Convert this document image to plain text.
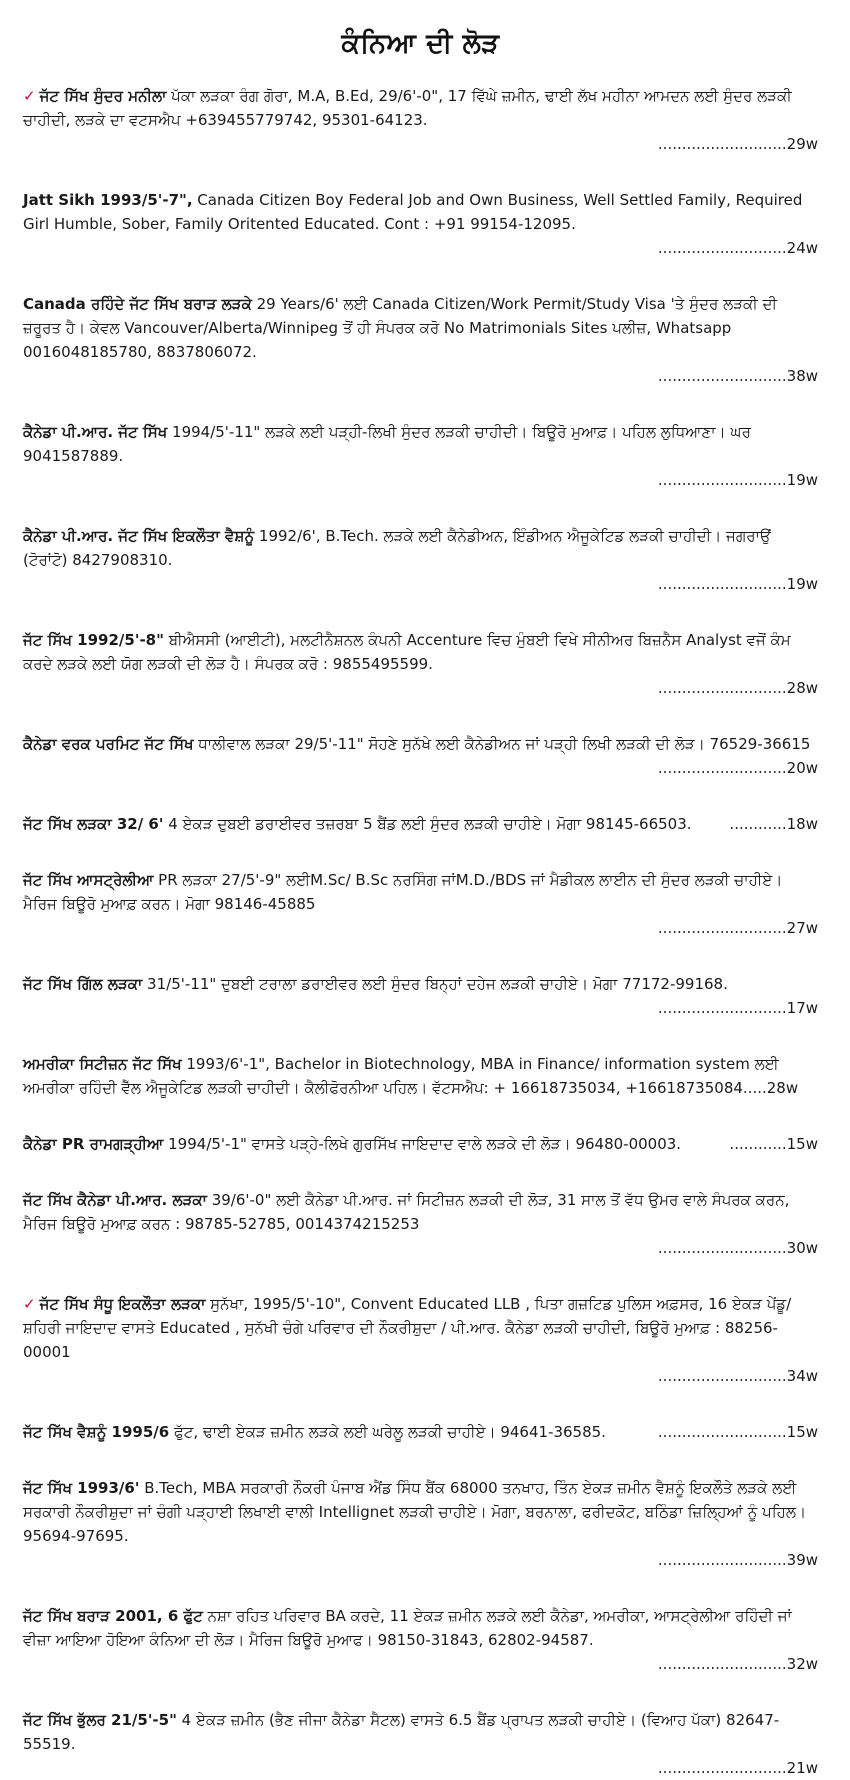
ਕੰਨਿਆ ਦੀ ਲੋੜ
✓ ਜੱਟ ਸਿੱਖ ਸੁੰਦਰ ਮਨੀਲਾ ਪੱਕਾ ਲੜਕਾ ਰੰਗ ਗੋਰਾ, M.A, B.Ed, 29/6'-0", 17 ਵਿੱਘੇ ਜ਼ਮੀਨ, ਢਾਈ ਲੱਖ ਮਹੀਨਾ ਆਮਦਨ ਲਈ ਸੁੰਦਰ ਲੜਕੀ ਚਾਹੀਦੀ, ਲੜਕੇ ਦਾ ਵਟਸਐਪ +639455779742, 95301-64123.
...........................29w
Jatt Sikh 1993/5'-7", Canada Citizen Boy Federal Job and Own Business, Well Settled Family, Required Girl Humble, Sober, Family Oritented Educated. Cont : +91 99154-12095.
...........................24w
Canada ਰਹਿੰਦੇ ਜੱਟ ਸਿੱਖ ਬਰਾੜ ਲੜਕੇ 29 Years/6' ਲਈ Canada Citizen/Work Permit/Study Visa 'ਤੇ ਸੁੰਦਰ ਲੜਕੀ ਦੀ ਜ਼ਰੂਰਤ ਹੈ। ਕੇਵਲ Vancouver/Alberta/Winnipeg ਤੋਂ ਹੀ ਸੰਪਰਕ ਕਰੋ No Matrimonials Sites ਪਲੀਜ਼, Whatsapp 0016048185780, 8837806072.
...........................38w
ਕੈਨੇਡਾ ਪੀ.ਆਰ. ਜੱਟ ਸਿੱਖ 1994/5'-11" ਲੜਕੇ ਲਈ ਪੜ੍ਹੀ-ਲਿਖੀ ਸੁੰਦਰ ਲੜਕੀ ਚਾਹੀਦੀ। ਬਿਊਰੋ ਮੁਆਫ਼। ਪਹਿਲ ਲੁਧਿਆਣਾ। ਘਰ 9041587889.
...........................19w
ਕੈਨੇਡਾ ਪੀ.ਆਰ. ਜੱਟ ਸਿੱਖ ਇਕਲੌਤਾ ਵੈਸ਼ਨੂੰ 1992/6', B.Tech. ਲੜਕੇ ਲਈ ਕੈਨੇਡੀਅਨ, ਇੰਡੀਅਨ ਐਜੂਕੇਟਿਡ ਲੜਕੀ ਚਾਹੀਦੀ। ਜਗਰਾਉਂ (ਟੋਰਾਂਟੋ) 8427908310.
...........................19w
ਜੱਟ ਸਿੱਖ 1992/5'-8" ਬੀਐਸਸੀ (ਆਈਟੀ), ਮਲਟੀਨੈਸ਼ਨਲ ਕੰਪਨੀ Accenture ਵਿਚ ਮੁੰਬਈ ਵਿਖੇ ਸੀਨੀਅਰ ਬਿਜ਼ਨੈਸ Analyst ਵਜੋਂ ਕੰਮ ਕਰਦੇ ਲੜਕੇ ਲਈ ਯੋਗ ਲੜਕੀ ਦੀ ਲੋੜ ਹੈ। ਸੰਪਰਕ ਕਰੋ : 9855495599.
...........................28w
ਕੈਨੇਡਾ ਵਰਕ ਪਰਮਿਟ ਜੱਟ ਸਿੱਖ ਧਾਲੀਵਾਲ ਲੜਕਾ 29/5'-11" ਸੋਹਣੇ ਸੁਨੱਖੇ ਲਈ ਕੈਨੇਡੀਅਨ ਜਾਂ ਪੜ੍ਹੀ ਲਿਖੀ ਲੜਕੀ ਦੀ ਲੋੜ। 76529-36615
...........................20w
ਜੱਟ ਸਿੱਖ ਲੜਕਾ 32/ 6' 4 ਏਕੜ ਦੁਬਈ ਡਰਾਈਵਰ ਤਜ਼ਰਬਾ 5 ਬੈਂਡ ਲਈ ਸੁੰਦਰ ਲੜਕੀ ਚਾਹੀਏ। ਮੋਗਾ 98145-66503.	............18w
ਜੱਟ ਸਿੱਖ ਆਸਟ੍ਰੇਲੀਆ PR ਲੜਕਾ 27/5'-9" ਲਈM.Sc/ B.Sc ਨਰਸਿੰਗ ਜਾਂM.D./BDS ਜਾਂ ਮੈਡੀਕਲ ਲਾਈਨ ਦੀ ਸੁੰਦਰ ਲੜਕੀ ਚਾਹੀਏ। ਮੈਰਿਜ ਬਿਊਰੋ ਮੁਆਫ਼ ਕਰਨ। ਮੋਗਾ 98146-45885
...........................27w
ਜੱਟ ਸਿੱਖ ਗਿੱਲ ਲੜਕਾ 31/5'-11" ਦੁਬਈ ਟਰਾਲਾ ਡਰਾਈਵਰ ਲਈ ਸੁੰਦਰ ਬਿਨ੍ਹਾਂ ਦਹੇਜ ਲੜਕੀ ਚਾਹੀਏ। ਮੋਗਾ 77172-99168.
...........................17w
ਅਮਰੀਕਾ ਸਿਟੀਜ਼ਨ ਜੱਟ ਸਿੱਖ 1993/6'-1", Bachelor in Biotechnology, MBA in Finance/ information system ਲਈ ਅਮਰੀਕਾ ਰਹਿੰਦੀ ਵੈੱਲ ਐਜੂਕੇਟਿਡ ਲੜਕੀ ਚਾਹੀਦੀ। ਕੈਲੀਫੋਰਨੀਆ ਪਹਿਲ। ਵੱਟਸਐਪ: + 16618735034, +16618735084.....28w
ਕੈਨੇਡਾ PR ਰਾਮਗੜ੍ਹੀਆ 1994/5'-1" ਵਾਸਤੇ ਪੜ੍ਹੇ-ਲਿਖੇ ਗੁਰਸਿੱਖ ਜਾਇਦਾਦ ਵਾਲੇ ਲੜਕੇ ਦੀ ਲੋੜ। 96480-00003.	............15w
ਜੱਟ ਸਿੱਖ ਕੈਨੇਡਾ ਪੀ.ਆਰ. ਲੜਕਾ 39/6'-0" ਲਈ ਕੈਨੇਡਾ ਪੀ.ਆਰ. ਜਾਂ ਸਿਟੀਜ਼ਨ ਲੜਕੀ ਦੀ ਲੋੜ, 31 ਸਾਲ ਤੋਂ ਵੱਧ ਉਮਰ ਵਾਲੇ ਸੰਪਰਕ ਕਰਨ, ਮੈਰਿਜ ਬਿਊਰੋ ਮੁਆਫ਼ ਕਰਨ : 98785-52785, 0014374215253
...........................30w
✓ ਜੱਟ ਸਿੱਖ ਸੰਧੂ ਇਕਲੌਤਾ ਲੜਕਾ ਸੁਨੱਖਾ, 1995/5'-10", Convent Educated LLB , ਪਿਤਾ ਗਜ਼ਟਿਡ ਪੁਲਿਸ ਅਫ਼ਸਰ, 16 ਏਕੜ ਪੇਂਡੂ/ਸ਼ਹਿਰੀ ਜਾਇਦਾਦ ਵਾਸਤੇ Educated , ਸੁਨੱਖੀ ਚੰਗੇ ਪਰਿਵਾਰ ਦੀ ਨੌਕਰੀਸ਼ੁਦਾ / ਪੀ.ਆਰ. ਕੈਨੇਡਾ ਲੜਕੀ ਚਾਹੀਦੀ, ਬਿਊਰੋ ਮੁਆਫ਼ : 88256-00001
...........................34w
ਜੱਟ ਸਿੱਖ ਵੈਸ਼ਨੂੰ 1995/6 ਫੁੱਟ, ਢਾਈ ਏਕੜ ਜ਼ਮੀਨ ਲੜਕੇ ਲਈ ਘਰੇਲੂ ਲੜਕੀ ਚਾਹੀਏ। 94641-36585.	...........................15w
ਜੱਟ ਸਿੱਖ 1993/6' B.Tech, MBA ਸਰਕਾਰੀ ਨੌਕਰੀ ਪੰਜਾਬ ਐਂਡ ਸਿੰਧ ਬੈਂਕ 68000 ਤਨਖਾਹ, ਤਿੰਨ ਏਕੜ ਜ਼ਮੀਨ ਵੈਸ਼ਨੂੰ ਇਕਲੌਤੇ ਲੜਕੇ ਲਈ ਸਰਕਾਰੀ ਨੌਕਰੀਸ਼ੁਦਾ ਜਾਂ ਚੰਗੀ ਪੜ੍ਹਾਈ ਲਿਖਾਈ ਵਾਲੀ Intellignet ਲੜਕੀ ਚਾਹੀਏ। ਮੋਗਾ, ਬਰਨਾਲਾ, ਫਰੀਦਕੋਟ, ਬਠਿੰਡਾ ਜ਼ਿਲ੍ਹਿਆਂ ਨੂੰ ਪਹਿਲ। 95694-97695.
...........................39w
ਜੱਟ ਸਿੱਖ ਬਰਾੜ 2001, 6 ਫੁੱਟ ਨਸ਼ਾ ਰਹਿਤ ਪਰਿਵਾਰ BA ਕਰਦੇ, 11 ਏਕੜ ਜ਼ਮੀਨ ਲੜਕੇ ਲਈ ਕੈਨੇਡਾ, ਅਮਰੀਕਾ, ਆਸਟ੍ਰੇਲੀਆ ਰਹਿੰਦੀ ਜਾਂ ਵੀਜ਼ਾ ਆਇਆ ਹੋਇਆ ਕੰਨਿਆ ਦੀ ਲੋੜ। ਮੈਰਿਜ ਬਿਊਰੋ ਮੁਆਫ। 98150-31843, 62802-94587.
...........................32w
ਜੱਟ ਸਿੱਖ ਭੁੱਲਰ 21/5'-5" 4 ਏਕੜ ਜ਼ਮੀਨ (ਭੈਣ ਜੀਜਾ ਕੈਨੇਡਾ ਸੈਟਲ) ਵਾਸਤੇ 6.5 ਬੈਂਡ ਪ੍ਰਾਪਤ ਲੜਕੀ ਚਾਹੀਏ। (ਵਿਆਹ ਪੱਕਾ) 82647-55519.
...........................21w
